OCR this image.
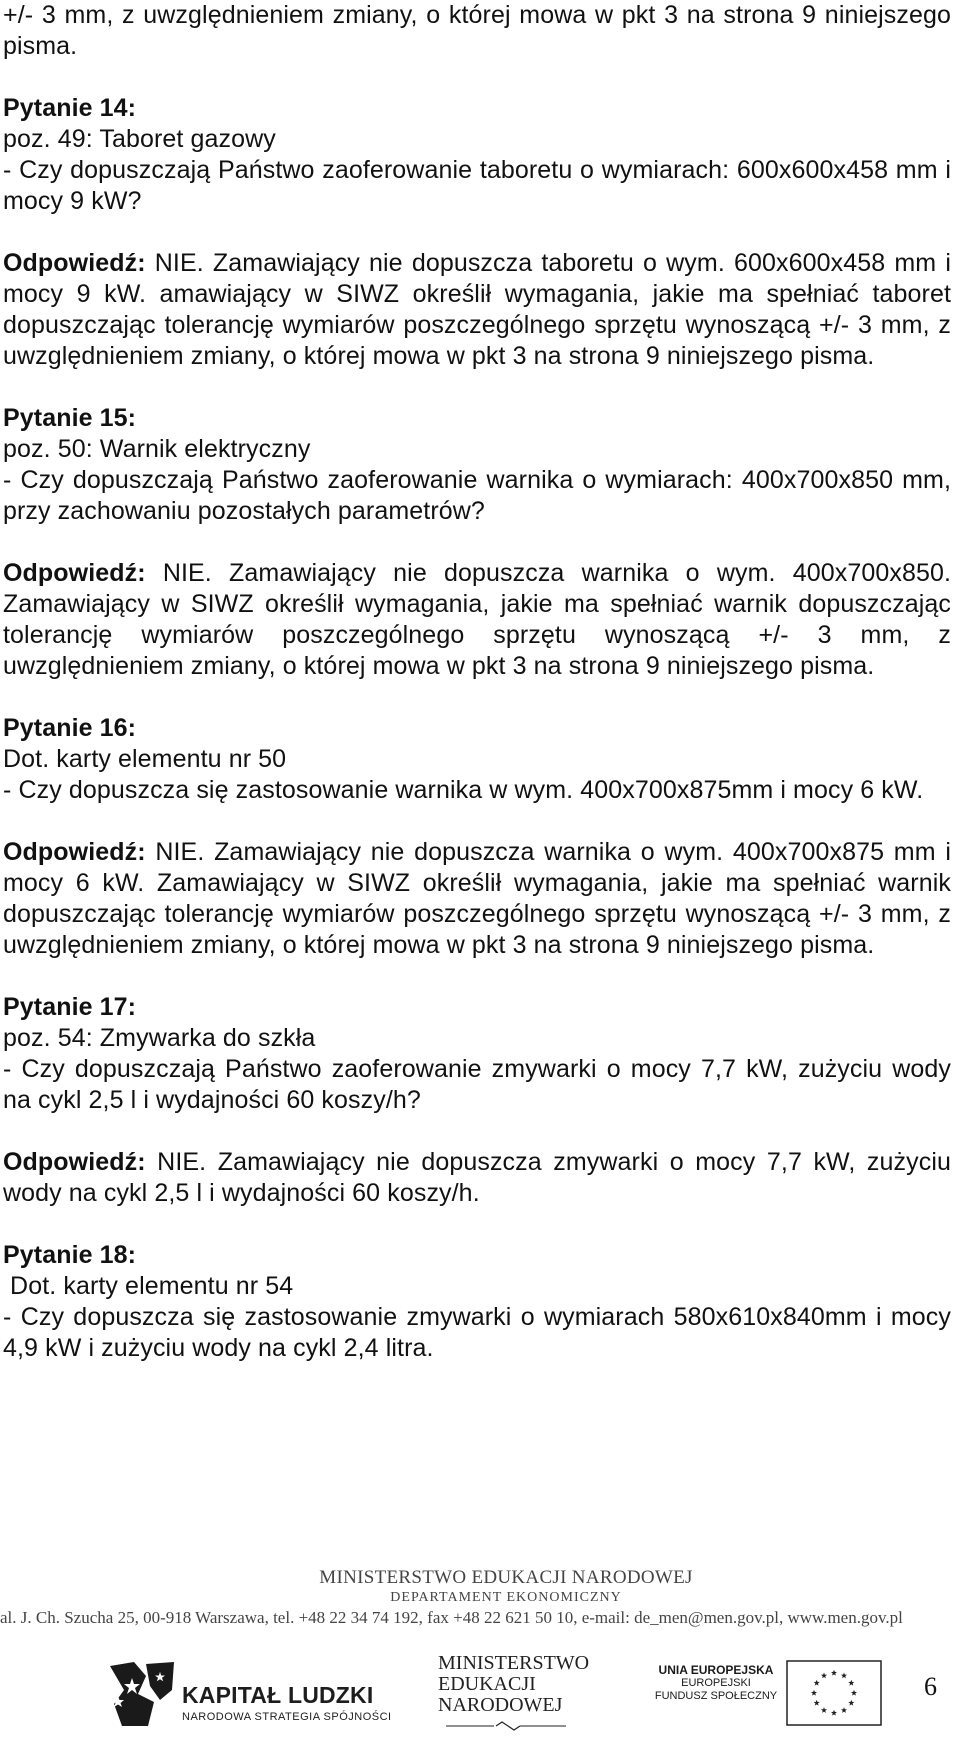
+/- 3 mm, z uwzględnieniem zmiany, o której mowa w pkt 3 na strona 9 niniejszego pisma.

Pytanie 14:

poz. 49: Taboret gazowy

- Czy dopuszczają Państwo zaoferowanie taboretu o wymiarach: 600x600x458 mm i mocy 9 kW?

Odpowiedź: NIE. Zamawiający nie dopuszcza taboretu o wym. 600x600x458 mm i mocy 9 kW. amawiający w SIWZ określił wymagania, jakie ma spełniać taboret dopuszczając tolerancję wymiarów poszczególnego sprzętu wynoszącą +/- 3 mm, z uwzględnieniem zmiany, o której mowa w pkt 3 na strona 9 niniejszego pisma.

Pytanie 15:

poz. 50: Warnik elektryczny

- Czy dopuszczają Państwo zaoferowanie warnika o wymiarach: 400x700x850 mm, przy zachowaniu pozostałych parametrów?

Odpowiedź: NIE. Zamawiający nie dopuszcza warnika o wym. 400x700x850. Zamawiający w SIWZ określił wymagania, jakie ma spełniać warnik dopuszczając tolerancję wymiarów poszczególnego sprzętu wynoszącą +/- 3 mm, z uwzględnieniem zmiany, o której mowa w pkt 3 na strona 9 niniejszego pisma.

Pytanie 16:

Dot. karty elementu nr 50

- Czy dopuszcza się zastosowanie warnika w wym. 400x700x875mm i mocy 6 kW.

Odpowiedź: NIE. Zamawiający nie dopuszcza warnika o wym. 400x700x875 mm i mocy 6 kW. Zamawiający w SIWZ określił wymagania, jakie ma spełniać warnik dopuszczając tolerancję wymiarów poszczególnego sprzętu wynoszącą +/- 3 mm, z uwzględnieniem zmiany, o której mowa w pkt 3 na strona 9 niniejszego pisma.

Pytanie 17:

poz. 54: Zmywarka do szkła

- Czy dopuszczają Państwo zaoferowanie zmywarki o mocy 7,7 kW, zużyciu wody na cykl 2,5 l i wydajności 60 koszy/h?

Odpowiedź: NIE. Zamawiający nie dopuszcza zmywarki o mocy 7,7 kW, zużyciu wody na cykl 2,5 l i wydajności 60 koszy/h.

Pytanie 18:

Dot. karty elementu nr 54

- Czy dopuszcza się zastosowanie zmywarki o wymiarach 580x610x840mm i mocy 4,9 kW i zużyciu wody na cykl 2,4 litra.

MINISTERSTWO EDUKACJI NARODOWEJ
DEPARTAMENT EKONOMICZNY
al. J. Ch. Szucha 25, 00-918 Warszawa, tel. +48 22 34 74 192, fax +48 22 621 50 10, e-mail: de_men@men.gov.pl, www.men.gov.pl
KAPITAŁ LUDZKI
NARODOWA STRATEGIA SPÓJNOŚCI
MINISTERSTWO
EDUKACJI
NARODOWEJ
UNIA EUROPEJSKA
EUROPEJSKI
FUNDUSZ SPOŁECZNY	6
